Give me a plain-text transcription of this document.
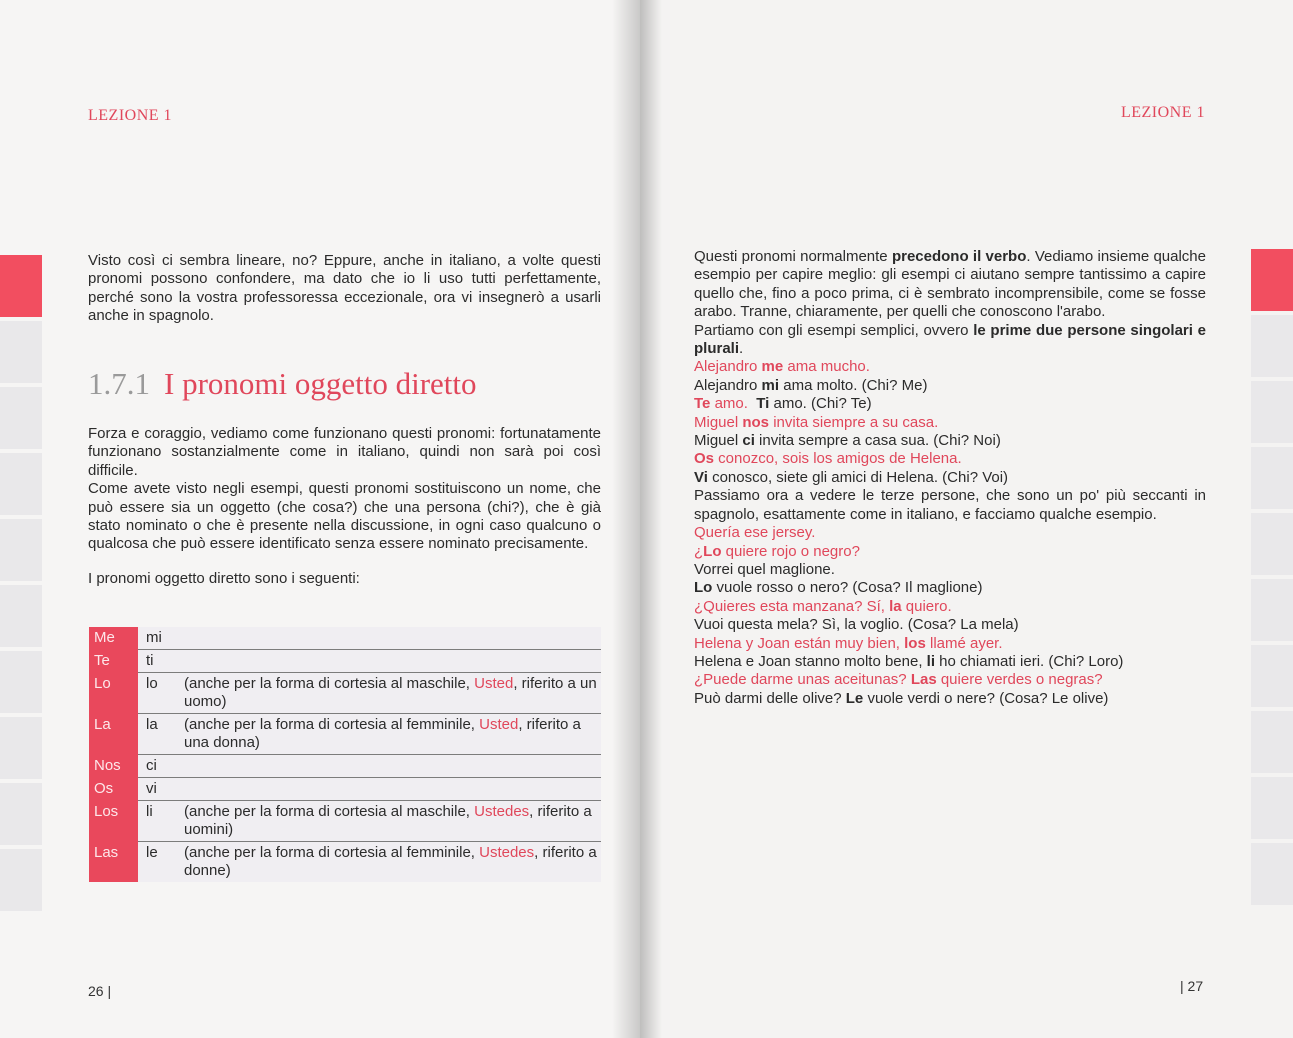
LEZIONE 1

Visto così ci sembra lineare, no? Eppure, anche in italiano, a volte questi pronomi possono confondere, ma dato che io li uso tutti perfettamente, perché sono la vostra professoressa eccezionale, ora vi insegnerò a usarli anche in spagnolo.

1.7.1 I pronomi oggetto diretto

Forza e coraggio, vediamo come funzionano questi pronomi: fortunatamente funzionano sostanzialmente come in italiano, quindi non sarà poi così difficile.

Come avete visto negli esempi, questi pronomi sostituiscono un nome, che può essere sia un oggetto (che cosa?) che una persona (chi?), che è già stato nominato o che è presente nella discussione, in ogni caso qualcuno o qualcosa che può essere identificato senza essere nominato precisamente.

I pronomi oggetto diretto sono i seguenti:

Me	mi	
Te	ti	
Lo	lo	(anche per la forma di cortesia al maschile, Usted, riferito a un uomo)
La	la	(anche per la forma di cortesia al femminile, Usted, riferito a una donna)
Nos	ci	
Os	vi	
Los	li	(anche per la forma di cortesia al maschile, Ustedes, riferito a uomini)
Las	le	(anche per la forma di cortesia al femminile, Ustedes, riferito a donne)
26 |
LEZIONE 1

Questi pronomi normalmente precedono il verbo. Vediamo insieme qualche esempio per capire meglio: gli esempi ci aiutano sempre tantissimo a capire quello che, fino a poco prima, ci è sembrato incomprensibile, come se fosse arabo. Tranne, chiaramente, per quelli che conoscono l'arabo.

Partiamo con gli esempi semplici, ovvero le prime due persone singolari e plurali.

Alejandro me ama mucho.

Alejandro mi ama molto. (Chi? Me)

Te amo. Ti amo. (Chi? Te)

Miguel nos invita siempre a su casa.

Miguel ci invita sempre a casa sua. (Chi? Noi)

Os conozco, sois los amigos de Helena.

Vi conosco, siete gli amici di Helena. (Chi? Voi)

Passiamo ora a vedere le terze persone, che sono un po' più seccanti in spagnolo, esattamente come in italiano, e facciamo qualche esempio.

Quería ese jersey.

¿Lo quiere rojo o negro?

Vorrei quel maglione.

Lo vuole rosso o nero? (Cosa? Il maglione)

¿Quieres esta manzana? Sí, la quiero.

Vuoi questa mela? Sì, la voglio. (Cosa? La mela)

Helena y Joan están muy bien, los llamé ayer.

Helena e Joan stanno molto bene, li ho chiamati ieri. (Chi? Loro)

¿Puede darme unas aceitunas? Las quiere verdes o negras?

Può darmi delle olive? Le vuole verdi o nere? (Cosa? Le olive)

| 27
